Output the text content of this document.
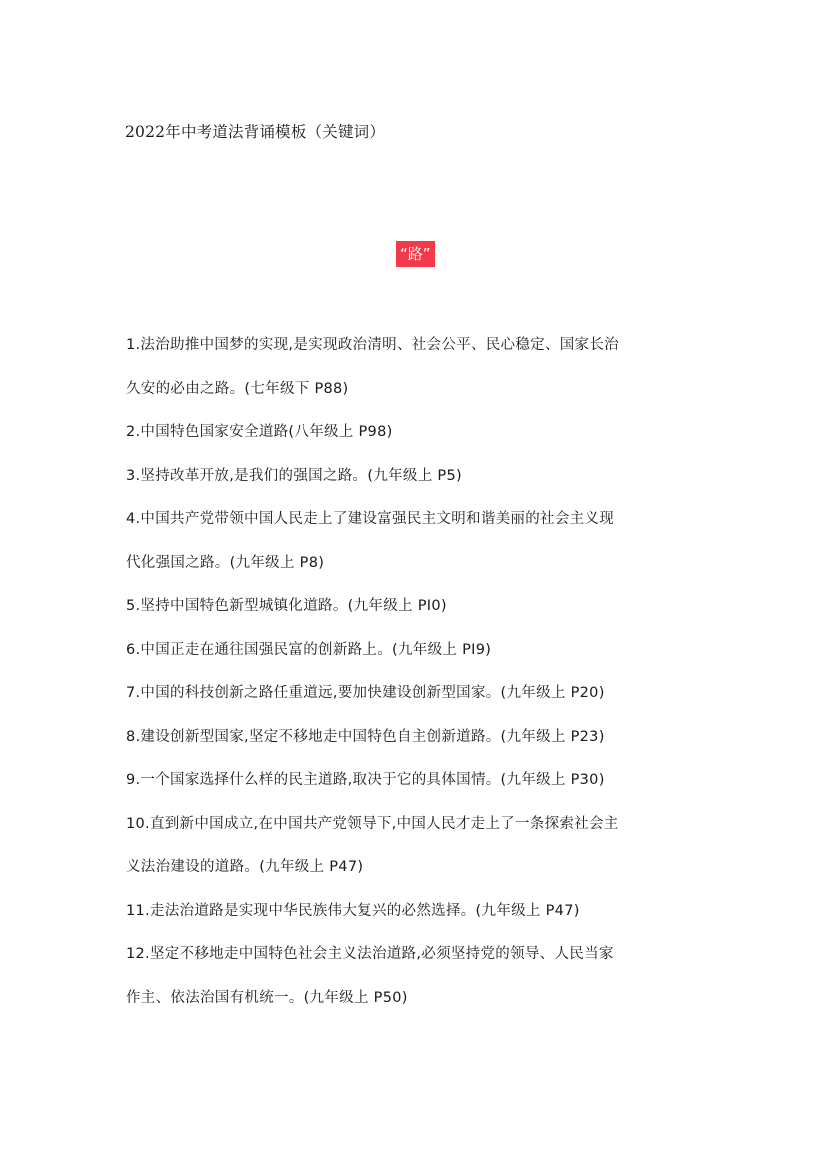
2022年中考道法背诵模板（关键词）
“路”
1.法治助推中国梦的实现,是实现政治清明、社会公平、民心稳定、国家长治
久安的必由之路。(七年级下 P88)
2.中国特色国家安全道路(八年级上 P98)
3.坚持改革开放,是我们的强国之路。(九年级上 P5)
4.中国共产党带领中国人民走上了建设富强民主文明和谐美丽的社会主义现
代化强国之路。(九年级上 P8)
5.坚持中国特色新型城镇化道路。(九年级上 PI0)
6.中国正走在通往国强民富的创新路上。(九年级上 PI9)
7.中国的科技创新之路任重道远,要加快建设创新型国家。(九年级上 P20)
8.建设创新型国家,坚定不移地走中国特色自主创新道路。(九年级上 P23)
9.一个国家选择什么样的民主道路,取决于它的具体国情。(九年级上 P30)
10.直到新中国成立,在中国共产党领导下,中国人民才走上了一条探索社会主
义法治建设的道路。(九年级上 P47)
11.走法治道路是实现中华民族伟大复兴的必然选择。(九年级上 P47)
12.坚定不移地走中国特色社会主义法治道路,必须坚持党的领导、人民当家
作主、依法治国有机统一。(九年级上 P50)
